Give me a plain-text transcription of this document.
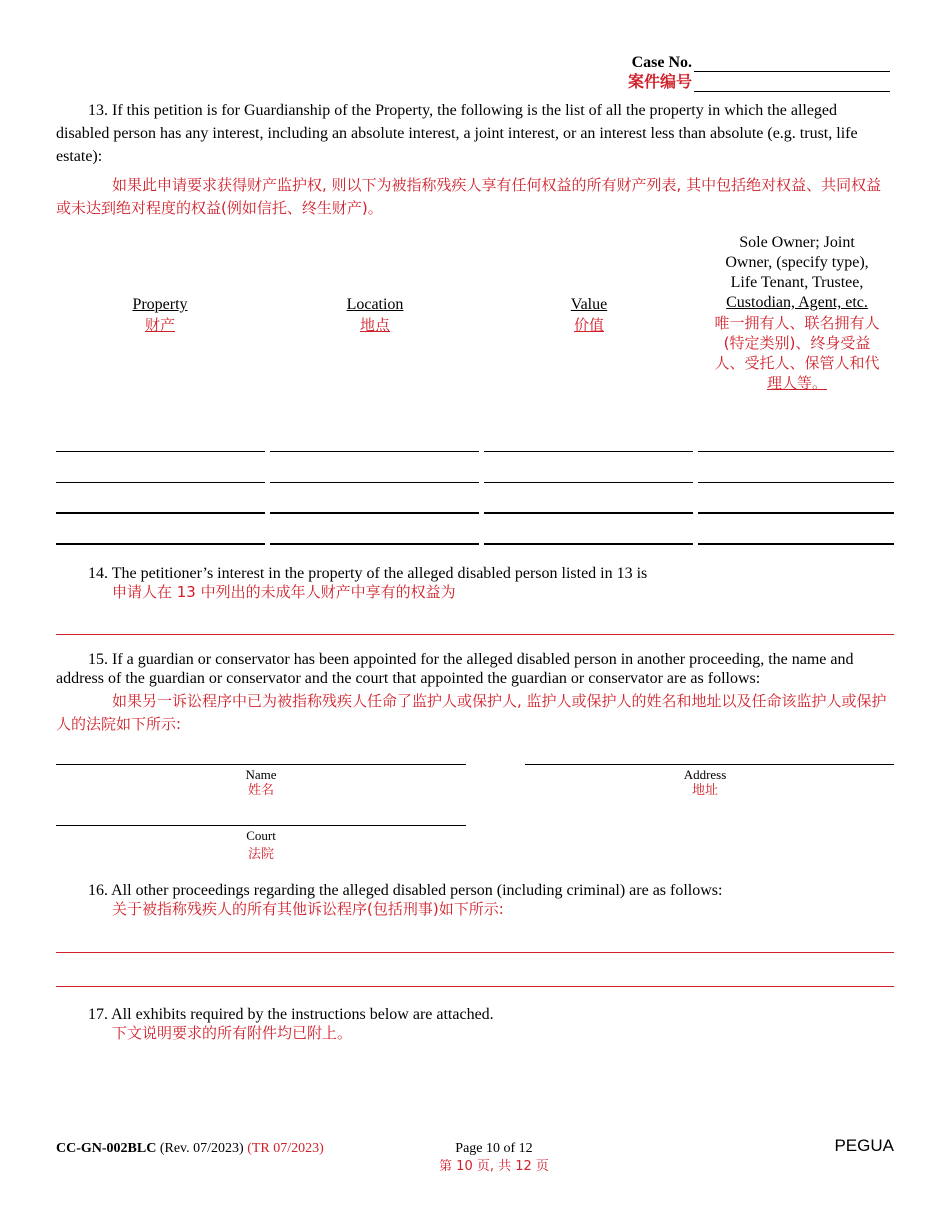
Case No.
案件编号
13. If this petition is for Guardianship of the Property, the following is the list of all the property in which the alleged disabled person has any interest, including an absolute interest, a joint interest, or an interest less than absolute (e.g. trust, life estate):
如果此申请要求获得财产监护权, 则以下为被指称残疾人享有任何权益的所有财产列表, 其中包括绝对权益、共同权益或未达到绝对程度的权益(例如信托、终生财产)。
Property
财产
Location
地点
Value
价值
Sole Owner; Joint Owner, (specify type), Life Tenant, Trustee,
Custodian, Agent, etc.
唯一拥有人、联名拥有人(特定类别)、终身受益人、受托人、保管人和代
理人等。
14. The petitioner’s interest in the property of the alleged disabled person listed in 13 is
申请人在 13 中列出的未成年人财产中享有的权益为
15. If a guardian or conservator has been appointed for the alleged disabled person in another proceeding, the name and address of the guardian or conservator and the court that appointed the guardian or conservator are as follows:
如果另一诉讼程序中已为被指称残疾人任命了监护人或保护人, 监护人或保护人的姓名和地址以及任命该监护人或保护人的法院如下所示:
Name
姓名
Address
地址
Court
法院
16. All other proceedings regarding the alleged disabled person (including criminal) are as follows:
关于被指称残疾人的所有其他诉讼程序(包括刑事)如下所示:
17. All exhibits required by the instructions below are attached.
下文说明要求的所有附件均已附上。
CC-GN-002BLC (Rev. 07/2023) (TR 07/2023)	Page 10 of 12
第 10 页, 共 12 页
PEGUA
